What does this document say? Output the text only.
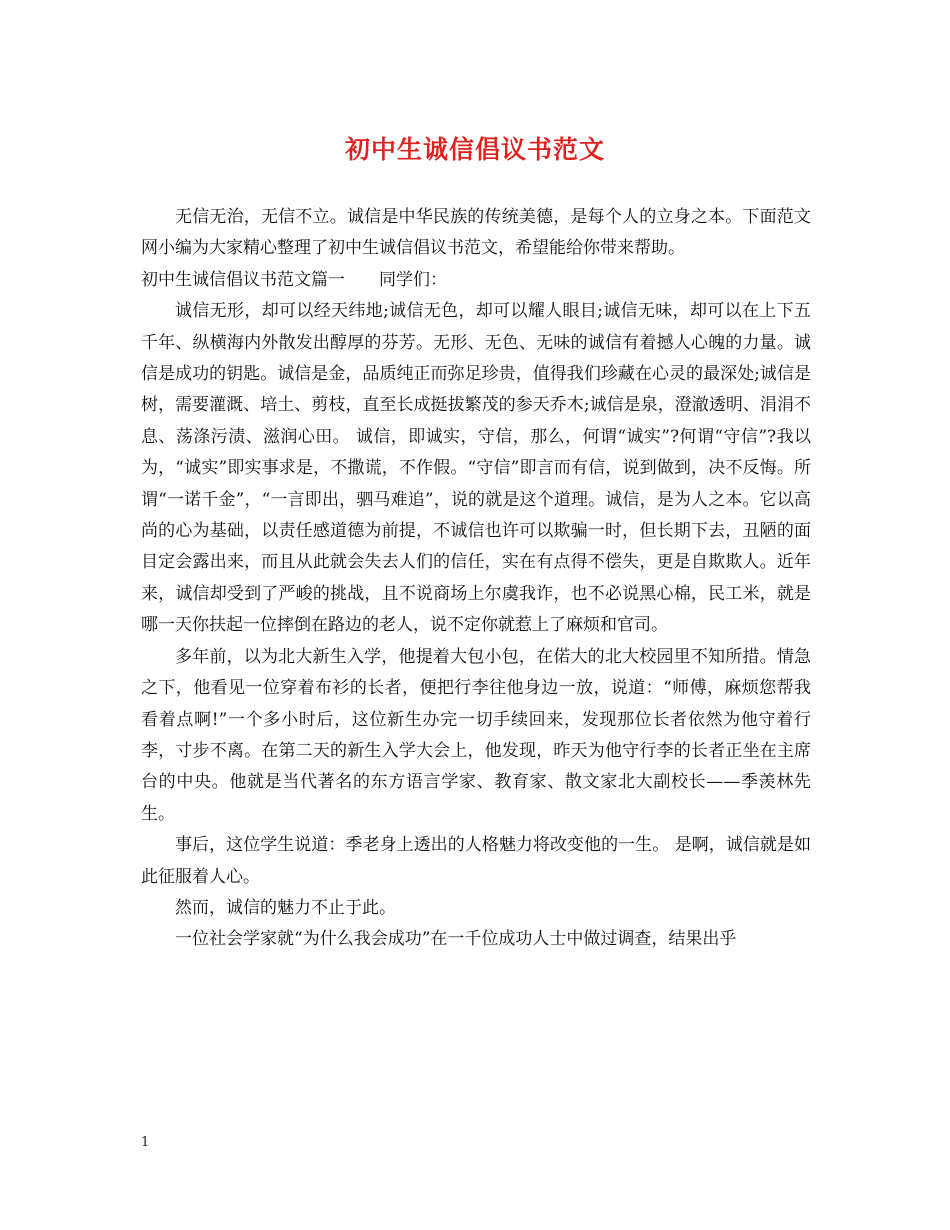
初中生诚信倡议书范文

无信无治，无信不立。诚信是中华民族的传统美德，是每个人的立身之本。下面范文网小编为大家精心整理了初中生诚信倡议书范文，希望能给你带来帮助。

初中生诚信倡议书范文篇一　　同学们：

诚信无形，却可以经天纬地;诚信无色，却可以耀人眼目;诚信无味，却可以在上下五千年、纵横海内外散发出醇厚的芬芳。无形、无色、无味的诚信有着撼人心魄的力量。诚信是成功的钥匙。诚信是金，品质纯正而弥足珍贵，值得我们珍藏在心灵的最深处;诚信是树，需要灌溉、培土、剪枝，直至长成挺拔繁茂的参天乔木;诚信是泉，澄澈透明、涓涓不息、荡涤污渍、滋润心田。 诚信，即诚实，守信，那么，何谓“诚实”?何谓“守信”?我以为，“诚实”即实事求是，不撒谎，不作假。“守信”即言而有信，说到做到，决不反悔。所谓“一诺千金”，“一言即出，驷马难追”，说的就是这个道理。诚信，是为人之本。它以高尚的心为基础，以责任感道德为前提，不诚信也许可以欺骗一时，但长期下去，丑陋的面目定会露出来，而且从此就会失去人们的信任，实在有点得不偿失，更是自欺欺人。近年来，诚信却受到了严峻的挑战，且不说商场上尔虞我诈，也不必说黑心棉，民工米，就是哪一天你扶起一位摔倒在路边的老人，说不定你就惹上了麻烦和官司。

多年前，以为北大新生入学，他提着大包小包，在偌大的北大校园里不知所措。情急之下，他看见一位穿着布衫的长者，便把行李往他身边一放，说道：“师傅，麻烦您帮我看着点啊!”一个多小时后，这位新生办完一切手续回来，发现那位长者依然为他守着行李，寸步不离。在第二天的新生入学大会上，他发现，昨天为他守行李的长者正坐在主席台的中央。他就是当代著名的东方语言学家、教育家、散文家北大副校长——季羡林先生。

事后，这位学生说道：季老身上透出的人格魅力将改变他的一生。 是啊，诚信就是如此征服着人心。

然而，诚信的魅力不止于此。

一位社会学家就“为什么我会成功”在一千位成功人士中做过调查，结果出乎

1
